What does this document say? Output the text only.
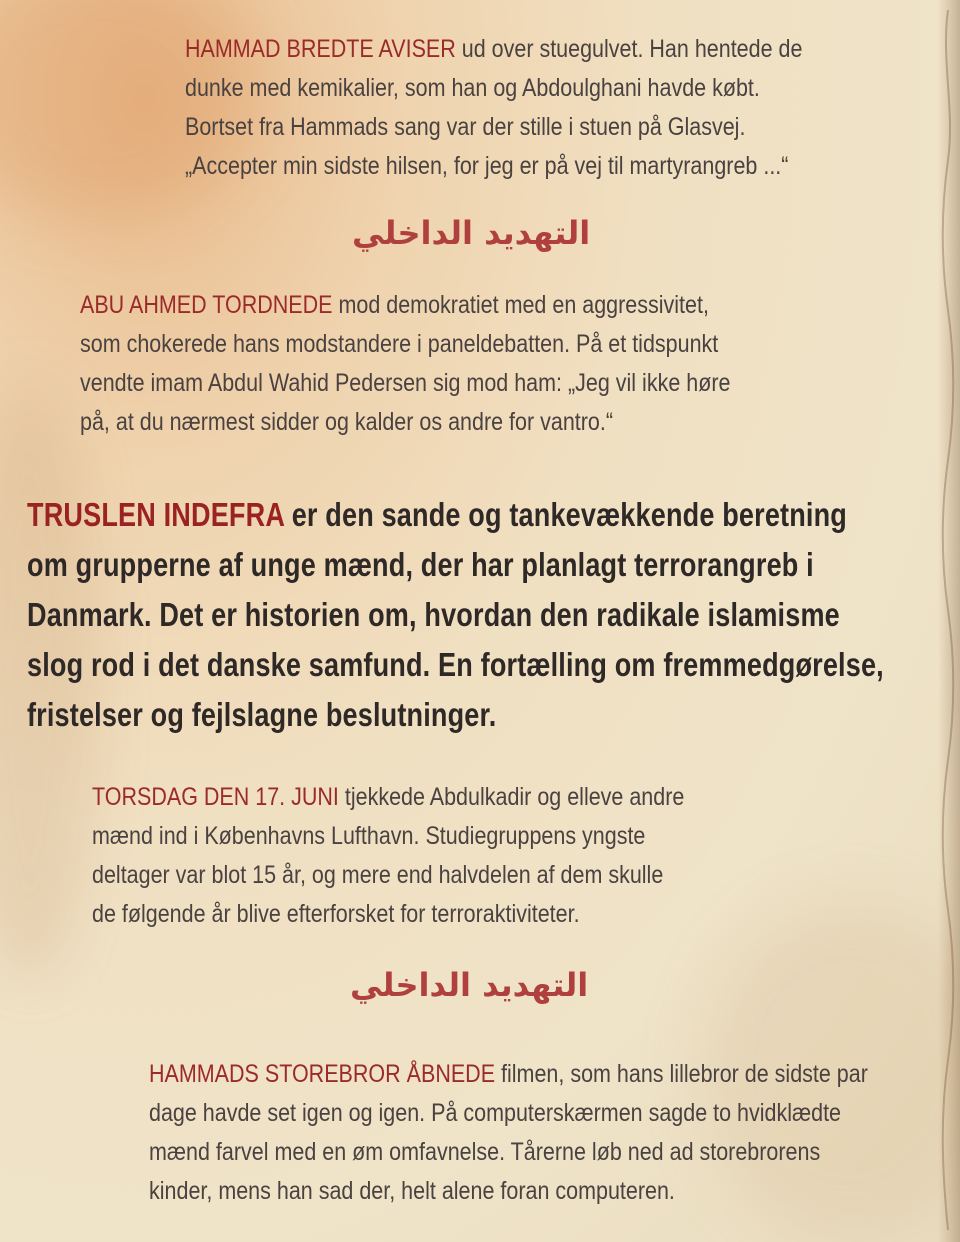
HAMMAD BREDTE AVISER ud over stuegulvet. Han hentede de
dunke med kemikalier, som han og Abdoulghani havde købt.
Bortset fra Hammads sang var der stille i stuen på Glasvej.
„Accepter min sidste hilsen, for jeg er på vej til martyrangreb ...“

التهديد الداخلي

ABU AHMED TORDNEDE mod demokratiet med en aggressivitet,
som chokerede hans modstandere i paneldebatten. På et tidspunkt
vendte imam Abdul Wahid Pedersen sig mod ham: „Jeg vil ikke høre
på, at du nærmest sidder og kalder os andre for vantro.“

TRUSLEN INDEFRA er den sande og tankevækkende beretning
om grupperne af unge mænd, der har planlagt terrorangreb i
Danmark. Det er historien om, hvordan den radikale islamisme
slog rod i det danske samfund. En fortælling om fremmedgørelse,
fristelser og fejlslagne beslutninger.

TORSDAG DEN 17. JUNI tjekkede Abdulkadir og elleve andre
mænd ind i Københavns Lufthavn. Studiegruppens yngste
deltager var blot 15 år, og mere end halvdelen af dem skulle
de følgende år blive efterforsket for terroraktiviteter.

التهديد الداخلي

HAMMADS STOREBROR ÅBNEDE filmen, som hans lillebror de sidste par
dage havde set igen og igen. På computerskærmen sagde to hvidklædte
mænd farvel med en øm omfavnelse. Tårerne løb ned ad storebrorens
kinder, mens han sad der, helt alene foran computeren.
